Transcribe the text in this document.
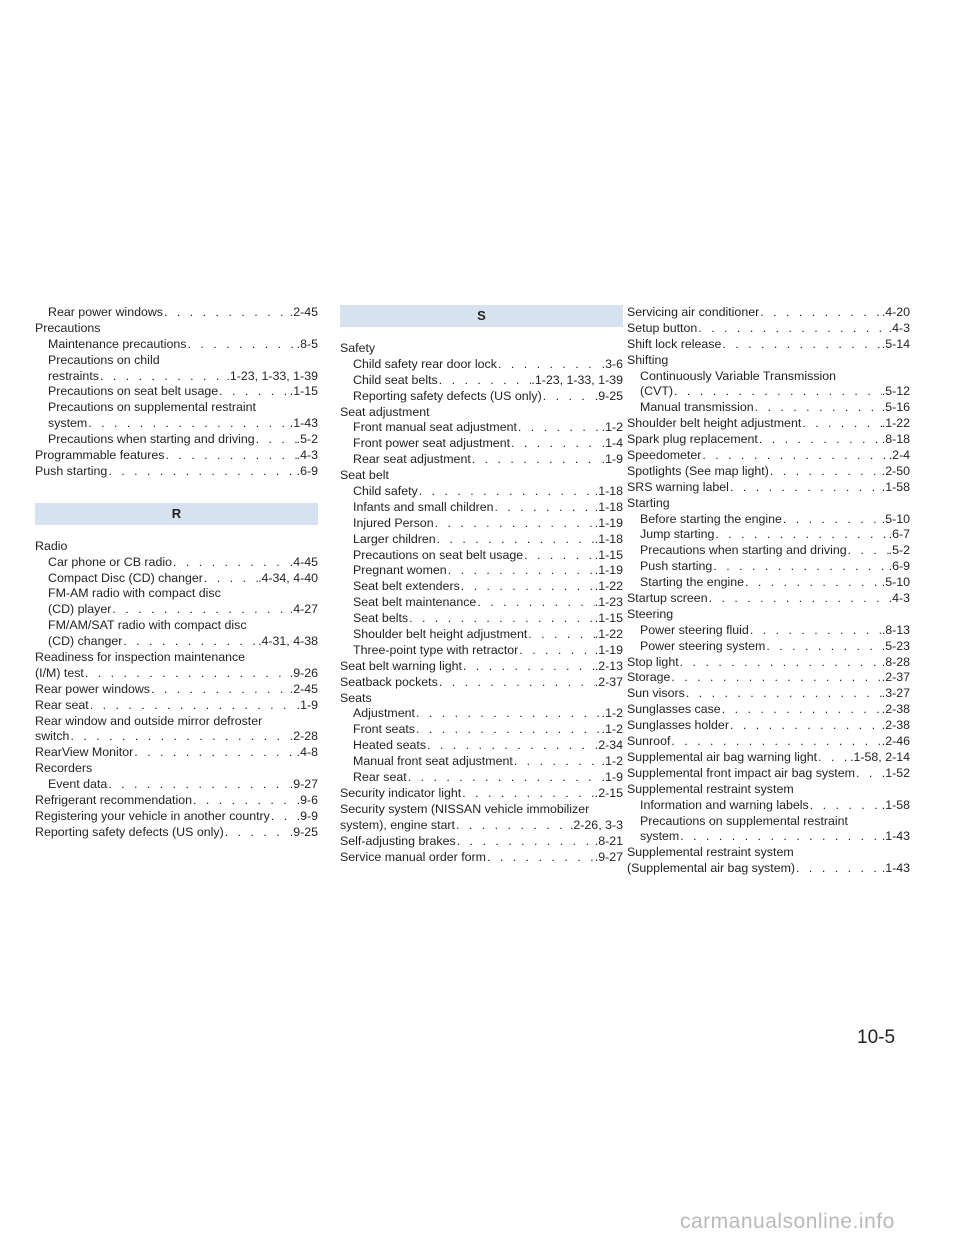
Rear power windows . . .	.2-45
Precautions
Maintenance precautions . . .	.8-5
Precautions on child
restraints . . .	.1-23, 1-33, 1-39
Precautions on seat belt usage . . .	.1-15
Precautions on supplemental restraint
system . . .	.1-43
Precautions when starting and driving . . .	.5-2
Programmable features . . .	.4-3
Push starting . . .	.6-9
R
Radio
Car phone or CB radio . . .	.4-45
Compact Disc (CD) changer . . .	.4-34, 4-40
FM-AM radio with compact disc
(CD) player . . .	.4-27
FM/AM/SAT radio with compact disc
(CD) changer . . .	.4-31, 4-38
Readiness for inspection maintenance
(I/M) test . . .	.9-26
Rear power windows . . .	.2-45
Rear seat . . .	.1-9
Rear window and outside mirror defroster
switch . . .	.2-28
RearView Monitor . . .	.4-8
Recorders
Event data . . .	.9-27
Refrigerant recommendation . . .	.9-6
Registering your vehicle in another country . . . .9-9
Reporting safety defects (US only) . . .	.9-25
S
Safety
Child safety rear door lock . . .	.3-6
Child seat belts . . .	.1-23, 1-33, 1-39
Reporting safety defects (US only) . . .	.9-25
Seat adjustment
Front manual seat adjustment . . .	.1-2
Front power seat adjustment . . .	.1-4
Rear seat adjustment . . .	.1-9
Seat belt
Child safety . . .	.1-18
Infants and small children . . .	.1-18
Injured Person . . .	.1-19
Larger children . . .	.1-18
Precautions on seat belt usage . . .	.1-15
Pregnant women . . .	.1-19
Seat belt extenders . . .	.1-22
Seat belt maintenance . . .	.1-23
Seat belts . . .	.1-15
Shoulder belt height adjustment . . .	.1-22
Three-point type with retractor . . .	.1-19
Seat belt warning light . . .	.2-13
Seatback pockets . . .	.2-37
Seats
Adjustment . . .	.1-2
Front seats . . .	.1-2
Heated seats . . .	.2-34
Manual front seat adjustment . . .	.1-2
Rear seat . . .	.1-9
Security indicator light . . .	.2-15
Security system (NISSAN vehicle immobilizer
system), engine start . . .	.2-26, 3-3
Self-adjusting brakes . . .	.8-21
Service manual order form . . .	.9-27
Servicing air conditioner . . .	.4-20
Setup button . . .	.4-3
Shift lock release . . .	.5-14
Shifting
Continuously Variable Transmission
(CVT) . . .	.5-12
Manual transmission . . .	.5-16
Shoulder belt height adjustment . . .	.1-22
Spark plug replacement . . .	.8-18
Speedometer . . .	.2-4
Spotlights (See map light) . . .	.2-50
SRS warning label . . .	.1-58
Starting
Before starting the engine . . .	.5-10
Jump starting . . .	.6-7
Precautions when starting and driving . . .	.5-2
Push starting . . .	.6-9
Starting the engine . . .	.5-10
Startup screen . . .	.4-3
Steering
Power steering fluid . . .	.8-13
Power steering system . . .	.5-23
Stop light . . .	.8-28
Storage . . .	.2-37
Sun visors . . .	.3-27
Sunglasses case . . .	.2-38
Sunglasses holder . . .	.2-38
Sunroof . . .	.2-46
Supplemental air bag warning light . . .	.1-58, 2-14
Supplemental front impact air bag system . . . .1-52
Supplemental restraint system
Information and warning labels . . .	.1-58
Precautions on supplemental restraint
system . . .	.1-43
Supplemental restraint system
(Supplemental air bag system) . . .	.1-43
10-5
carmanualsonline.info
